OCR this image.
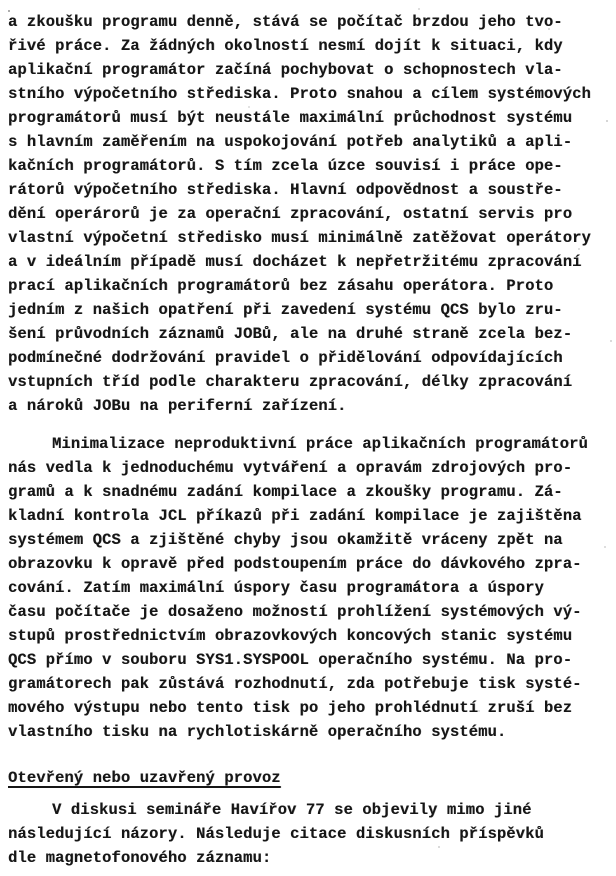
a zkoušku programu denně, stává se počítač brzdou jeho tvo-
řivé práce. Za žádných okolností nesmí dojít k situaci, kdy
aplikační programátor začíná pochybovat o schopnostech vla-
stního výpočetního střediska. Proto snahou a cílem systémových
programátorů musí být neustále maximální průchodnost systému
s hlavním zaměřením na uspokojování potřeb analytiků a apli-
kačních programátorů. S tím zcela úzce souvisí i práce ope-
rátorů výpočetního střediska. Hlavní odpovědnost a soustře-
dění operárorů je za operační zpracování, ostatní servis pro
vlastní výpočetní středisko musí minimálně zatěžovat operátory
a v ideálním případě musí docházet k nepřetržitému zpracování
prací aplikačních programátorů bez zásahu operátora. Proto
jedním z našich opatření při zavedení systému QCS bylo zru-
šení průvodních záznamů JOBů, ale na druhé straně zcela bez-
podmínečné dodržování pravidel o přidělování odpovídajících
vstupních tříd podle charakteru zpracování, délky zpracování
a nároků JOBu na periferní zařízení.
Minimalizace neproduktivní práce aplikačních programátorů
nás vedla k jednoduchému vytváření a opravám zdrojových pro-
gramů a k snadnému zadání kompilace a zkoušky programu. Zá-
kladní kontrola JCL příkazů při zadání kompilace je zajištěna
systémem QCS a zjištěné chyby jsou okamžitě vráceny zpět na
obrazovku k opravě před podstoupením práce do dávkového zpra-
cování. Zatím maximální úspory času programátora a úspory
času počítače je dosaženo možností prohlížení systémových vý-
stupů prostřednictvím obrazovkových koncových stanic systému
QCS přímo v souboru SYS1.SYSPOOL operačního systému. Na pro-
gramátorech pak zůstává rozhodnutí, zda potřebuje tisk systé-
mového výstupu nebo tento tisk po jeho prohlédnutí zruší bez
vlastního tisku na rychlotiskárně operačního systému.
Otevřený nebo uzavřený provoz
V diskusi semináře Havířov 77 se objevily mimo jiné
následující názory. Následuje citace diskusních příspěvků
dle magnetofonového záznamu:
